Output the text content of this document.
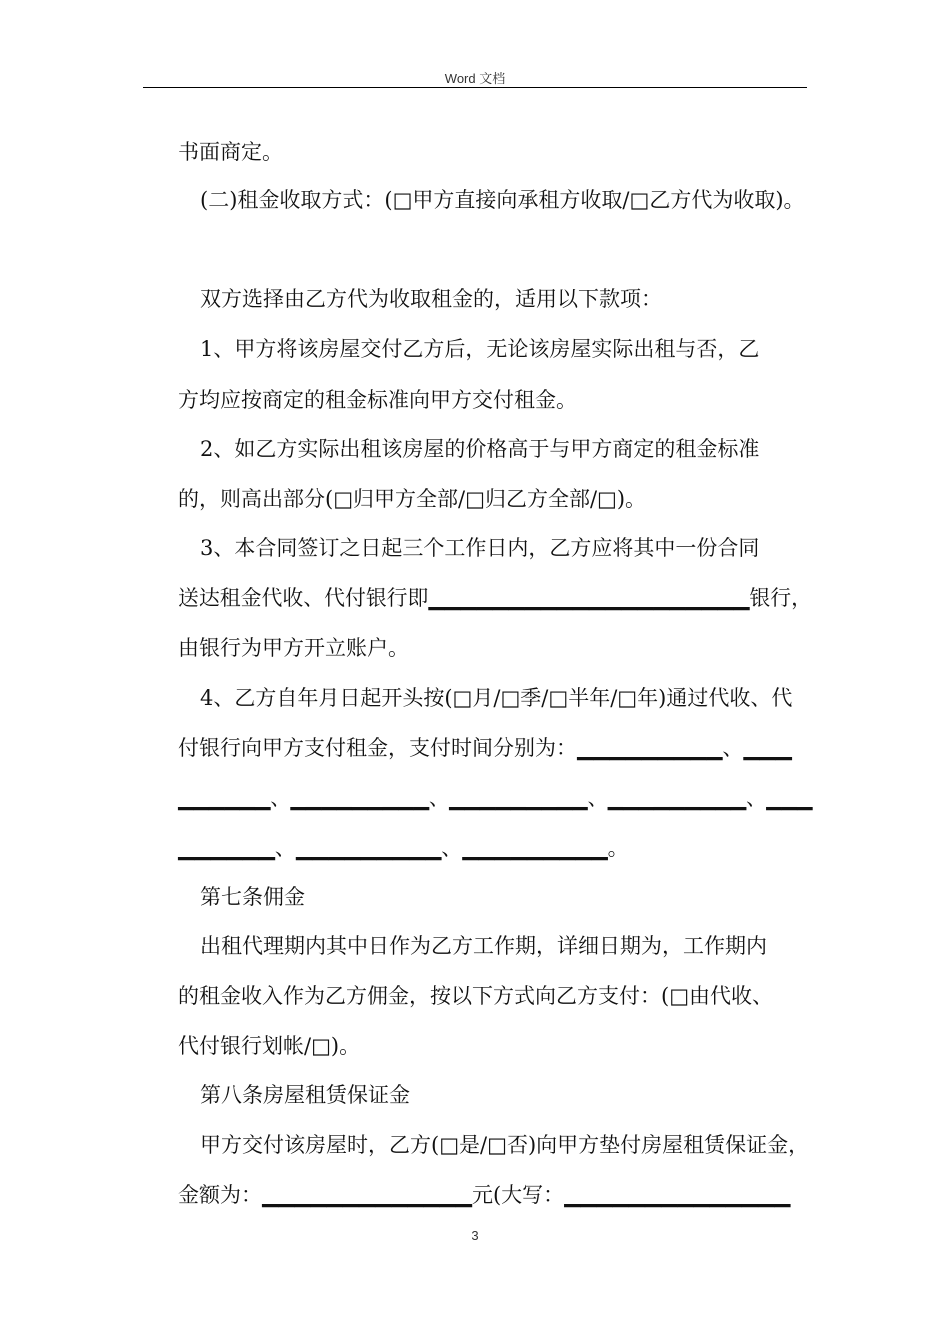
Word 文档
书面商定。
(二)租金收取方式：(□甲方直接向承租方收取/□乙方代为收取)。
双方选择由乙方代为收取租金的，适用以下款项：
1、甲方将该房屋交付乙方后，无论该房屋实际出租与否，乙
方均应按商定的租金标准向甲方交付租金。
2、如乙方实际出租该房屋的价格高于与甲方商定的租金标准
的，则高出部分(□归甲方全部/□归乙方全部/□)。
3、本合同签订之日起三个工作日内，乙方应将其中一份合同
送达租金代收、代付银行即▁▁▁▁▁▁▁▁▁▁▁▁▁▁▁▁▁▁▁▁银行，
由银行为甲方开立账户。
4、乙方自年月日起开头按(□月/□季/□半年/□年)通过代收、代
付银行向甲方支付租金，支付时间分别为：▁▁▁▁▁▁▁▁▁、▁▁▁
▁▁▁▁▁▁、▁▁▁▁▁▁▁▁▁、▁▁▁▁▁▁▁▁▁、▁▁▁▁▁▁▁▁▁、▁▁▁
▁▁▁▁▁▁、▁▁▁▁▁▁▁▁▁、▁▁▁▁▁▁▁▁▁。
第七条佣金
出租代理期内其中日作为乙方工作期，详细日期为，工作期内
的租金收入作为乙方佣金，按以下方式向乙方支付：(□由代收、
代付银行划帐/□)。
第八条房屋租赁保证金
甲方交付该房屋时，乙方(□是/□否)向甲方垫付房屋租赁保证金，
金额为：▁▁▁▁▁▁▁▁▁▁▁▁▁元(大写：▁▁▁▁▁▁▁▁▁▁▁▁▁▁
3
